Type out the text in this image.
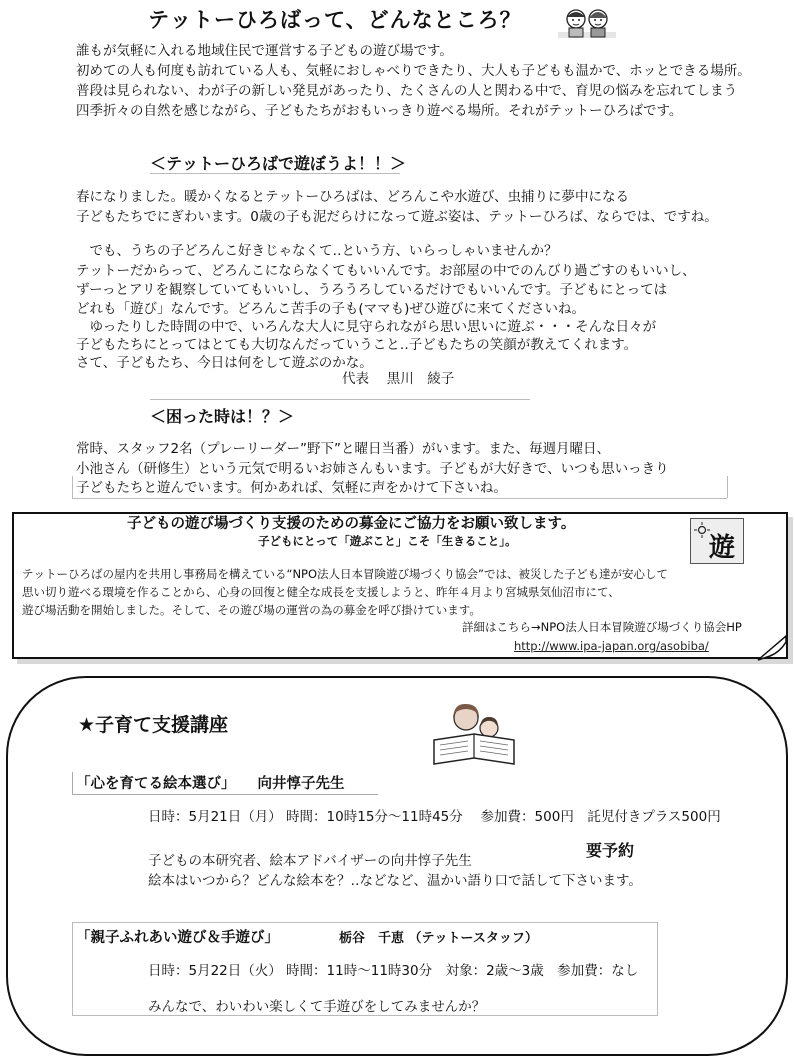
テットーひろばって、どんなところ？
誰もが気軽に入れる地域住民で運営する子どもの遊び場です。
初めての人も何度も訪れている人も、気軽におしゃべりできたり、大人も子どもも温かで、ホッとできる場所。
普段は見られない、わが子の新しい発見があったり、たくさんの人と関わる中で、育児の悩みを忘れてしまう
四季折々の自然を感じながら、子どもたちがおもいっきり遊べる場所。それがテットーひろばです。
＜テットーひろばで遊ぼうよ！！＞
春になりました。暖かくなるとテットーひろばは、どろんこや水遊び、虫捕りに夢中になる
子どもたちでにぎわいます。0歳の子も泥だらけになって遊ぶ姿は、テットーひろば、ならでは、ですね。
　でも、うちの子どろんこ好きじゃなくて‥という方、いらっしゃいませんか？
テットーだからって、どろんこにならなくてもいいんです。お部屋の中でのんびり過ごすのもいいし、
ずーっとアリを観察していてもいいし、うろうろしているだけでもいいんです。子どもにとっては
どれも「遊び」なんです。どろんこ苦手の子も(ママも)ぜひ遊びに来てくださいね。
　ゆったりした時間の中で、いろんな大人に見守られながら思い思いに遊ぶ・・・そんな日々が
子どもたちにとってはとても大切なんだっていうこと‥子どもたちの笑顔が教えてくれます。
さて、子どもたち、今日は何をして遊ぶのかな。
代表　 黒川　綾子
＜困った時は！？＞
常時、スタッフ2名（プレーリーダー”野下”と曜日当番）がいます。また、毎週月曜日、
小池さん（研修生）という元気で明るいお姉さんもいます。子どもが大好きで、いつも思いっきり
子どもたちと遊んでいます。何かあれば、気軽に声をかけて下さいね。
子どもの遊び場づくり支援のための募金にご協力をお願い致します。
子どもにとって「遊ぶこと」こそ「生きること」。	遊
テットーひろばの屋内を共用し事務局を構えている“NPO法人日本冒険遊び場づくり協会”では、被災した子ども達が安心して
思い切り遊べる環境を作ることから、心身の回復と健全な成長を支援しようと、昨年４月より宮城県気仙沼市にて、
遊び場活動を開始しました。そして、その遊び場の運営の為の募金を呼び掛けています。
詳細はこちら→NPO法人日本冒険遊び場づくり協会HP
http://www.ipa-japan.org/asobiba/
★子育て支援講座
「心を育てる絵本選び」 向井惇子先生
日時：5月21日（月） 時間：10時15分～11時45分　 参加費：500円　託児付きプラス500円
要予約
子どもの本研究者、絵本アドバイザーの向井惇子先生
絵本はいつから？どんな絵本を？‥などなど、温かい語り口で話して下さいます。
「親子ふれあい遊び＆手遊び」	栃谷　千恵 （テットースタッフ）
日時：5月22日（火） 時間：11時～11時30分　対象：2歳～3歳　参加費：なし
みんなで、わいわい楽しくて手遊びをしてみませんか？
